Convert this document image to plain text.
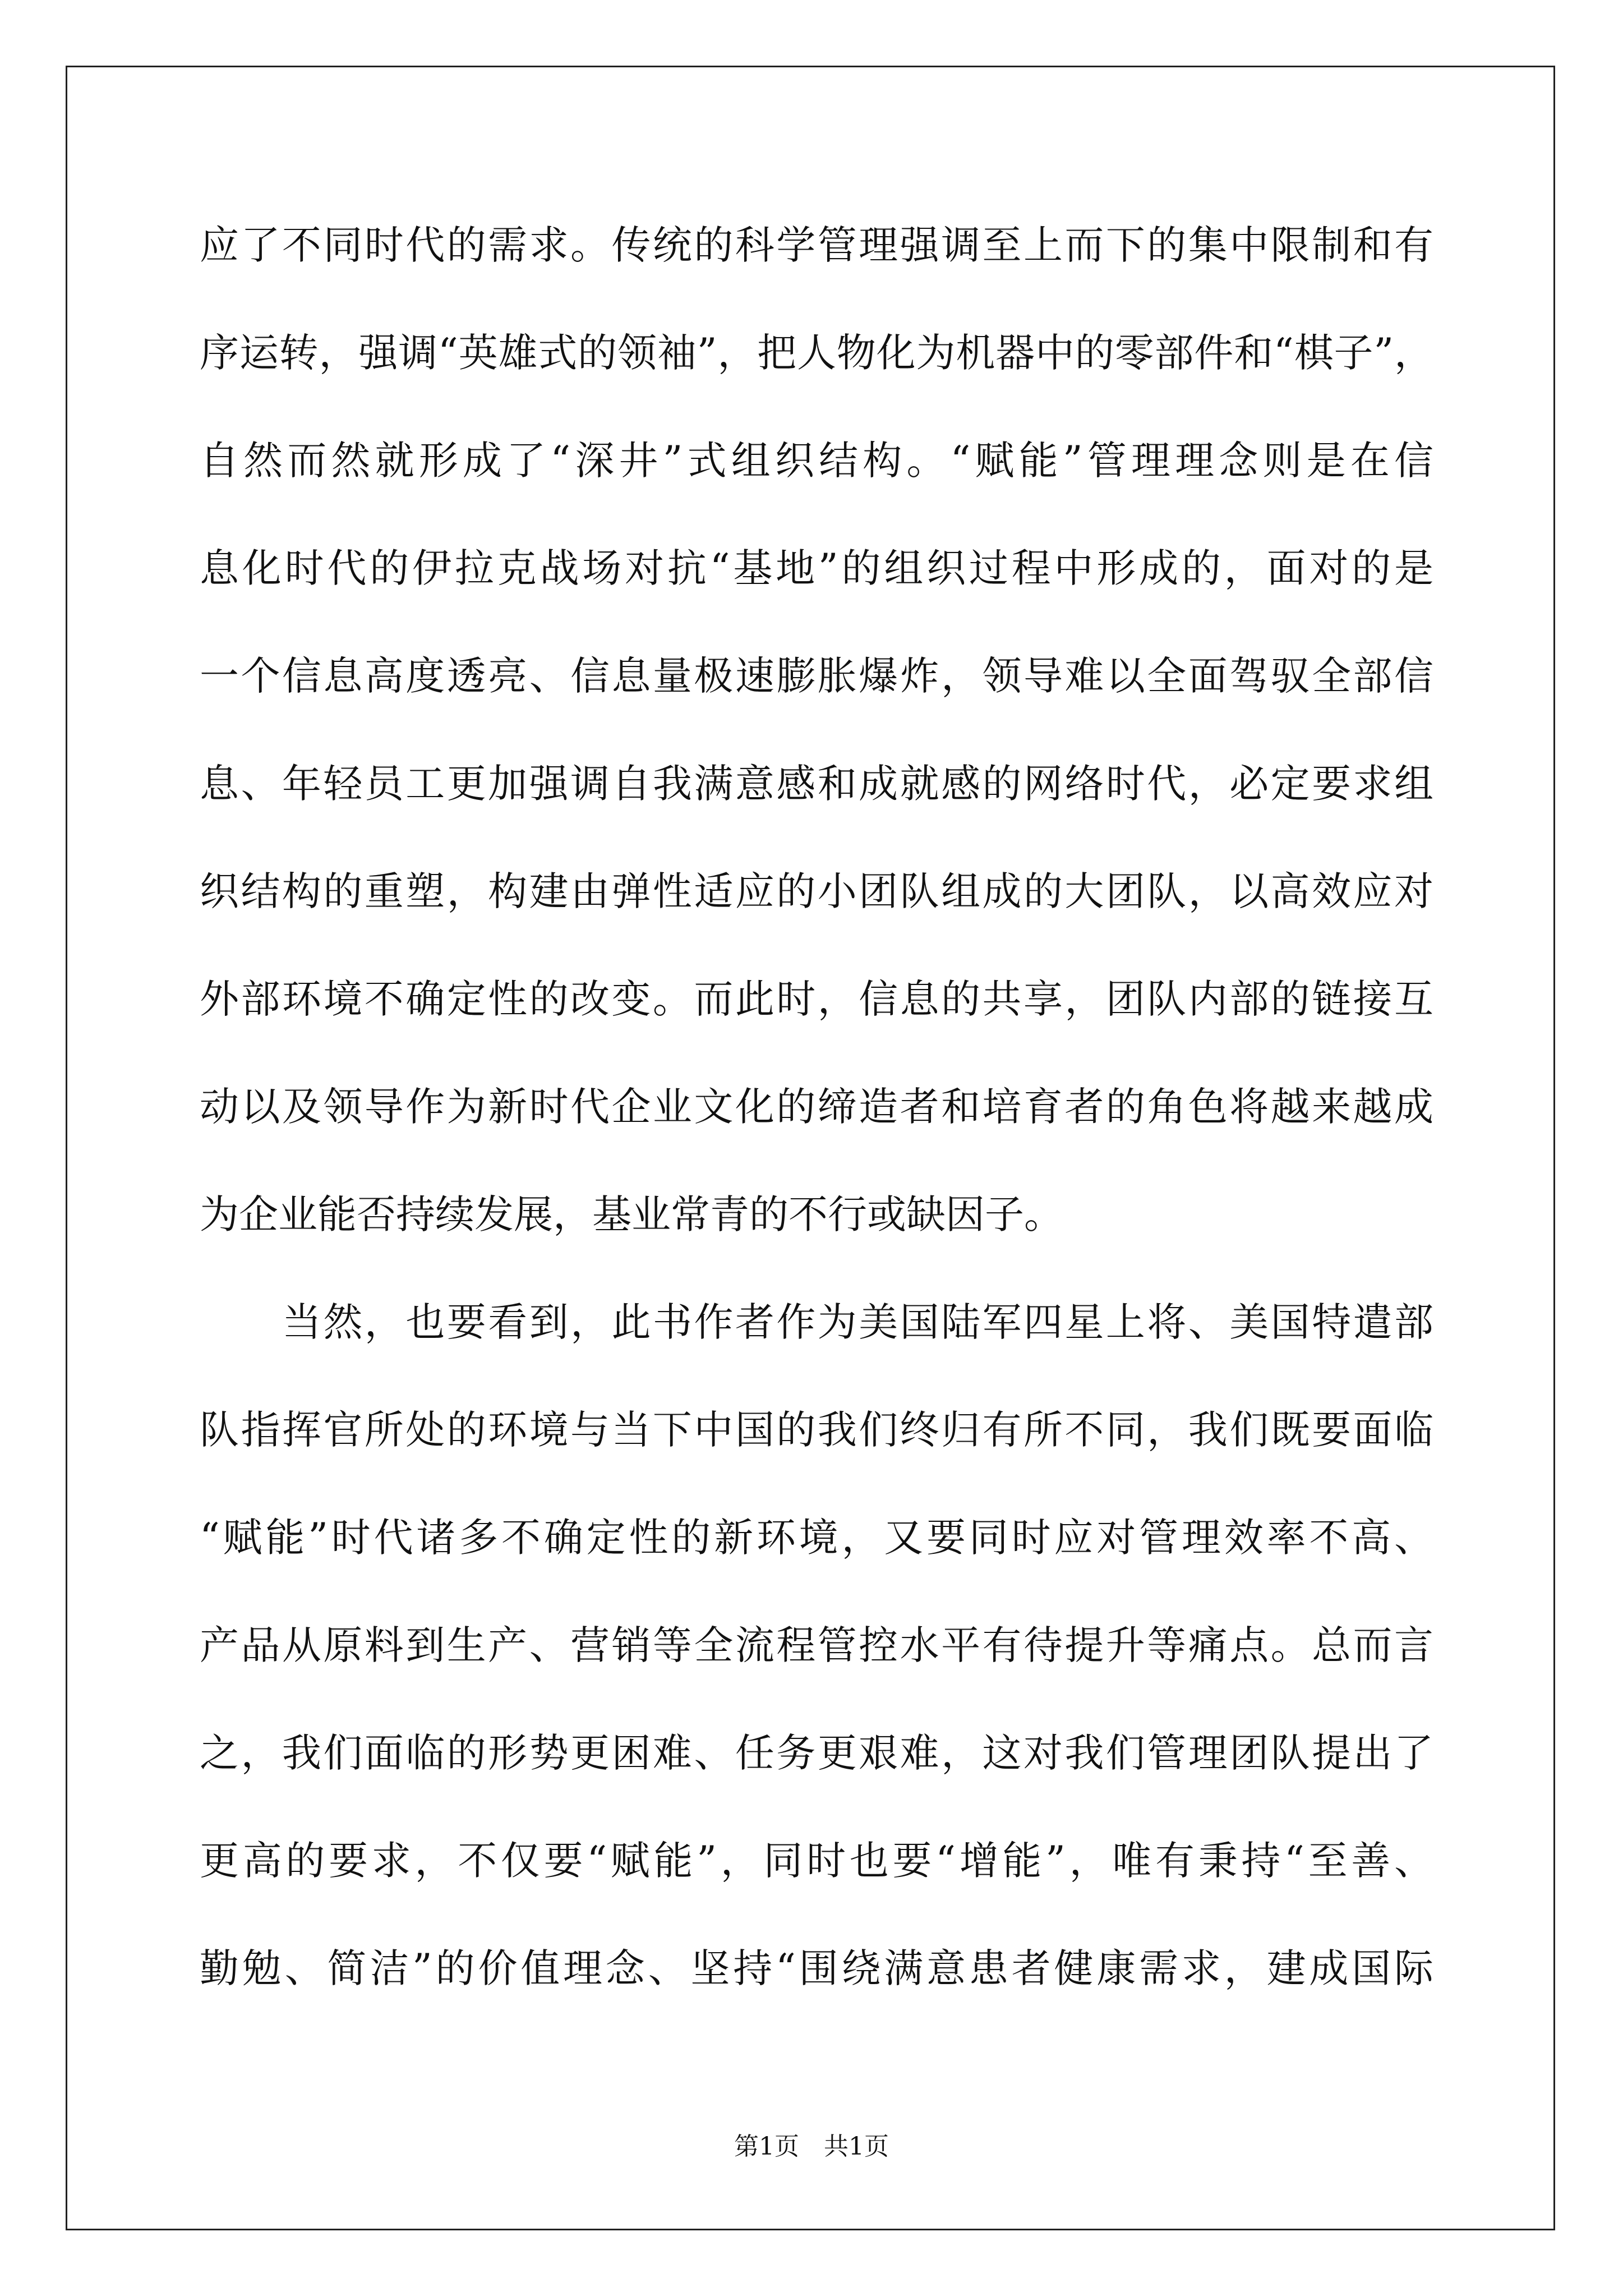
应了不同时代的需求。传统的科学管理强调至上而下的集中限制和有
序运转，强调“英雄式的领袖”，把人物化为机器中的零部件和“棋子”，
自然而然就形成了“深井”式组织结构。“赋能”管理理念则是在信
息化时代的伊拉克战场对抗“基地”的组织过程中形成的，面对的是
一个信息高度透亮、信息量极速膨胀爆炸，领导难以全面驾驭全部信
息、年轻员工更加强调自我满意感和成就感的网络时代，必定要求组
织结构的重塑，构建由弹性适应的小团队组成的大团队，以高效应对
外部环境不确定性的改变。而此时，信息的共享，团队内部的链接互
动以及领导作为新时代企业文化的缔造者和培育者的角色将越来越成
为企业能否持续发展，基业常青的不行或缺因子。
当然，也要看到，此书作者作为美国陆军四星上将、美国特遣部
队指挥官所处的环境与当下中国的我们终归有所不同，我们既要面临
“赋能”时代诸多不确定性的新环境，又要同时应对管理效率不高、
产品从原料到生产、营销等全流程管控水平有待提升等痛点。总而言
之，我们面临的形势更困难、任务更艰难，这对我们管理团队提出了
更高的要求，不仅要“赋能”，同时也要“增能”，唯有秉持“至善、
勤勉、简洁”的价值理念、坚持“围绕满意患者健康需求，建成国际
第1页　共1页
